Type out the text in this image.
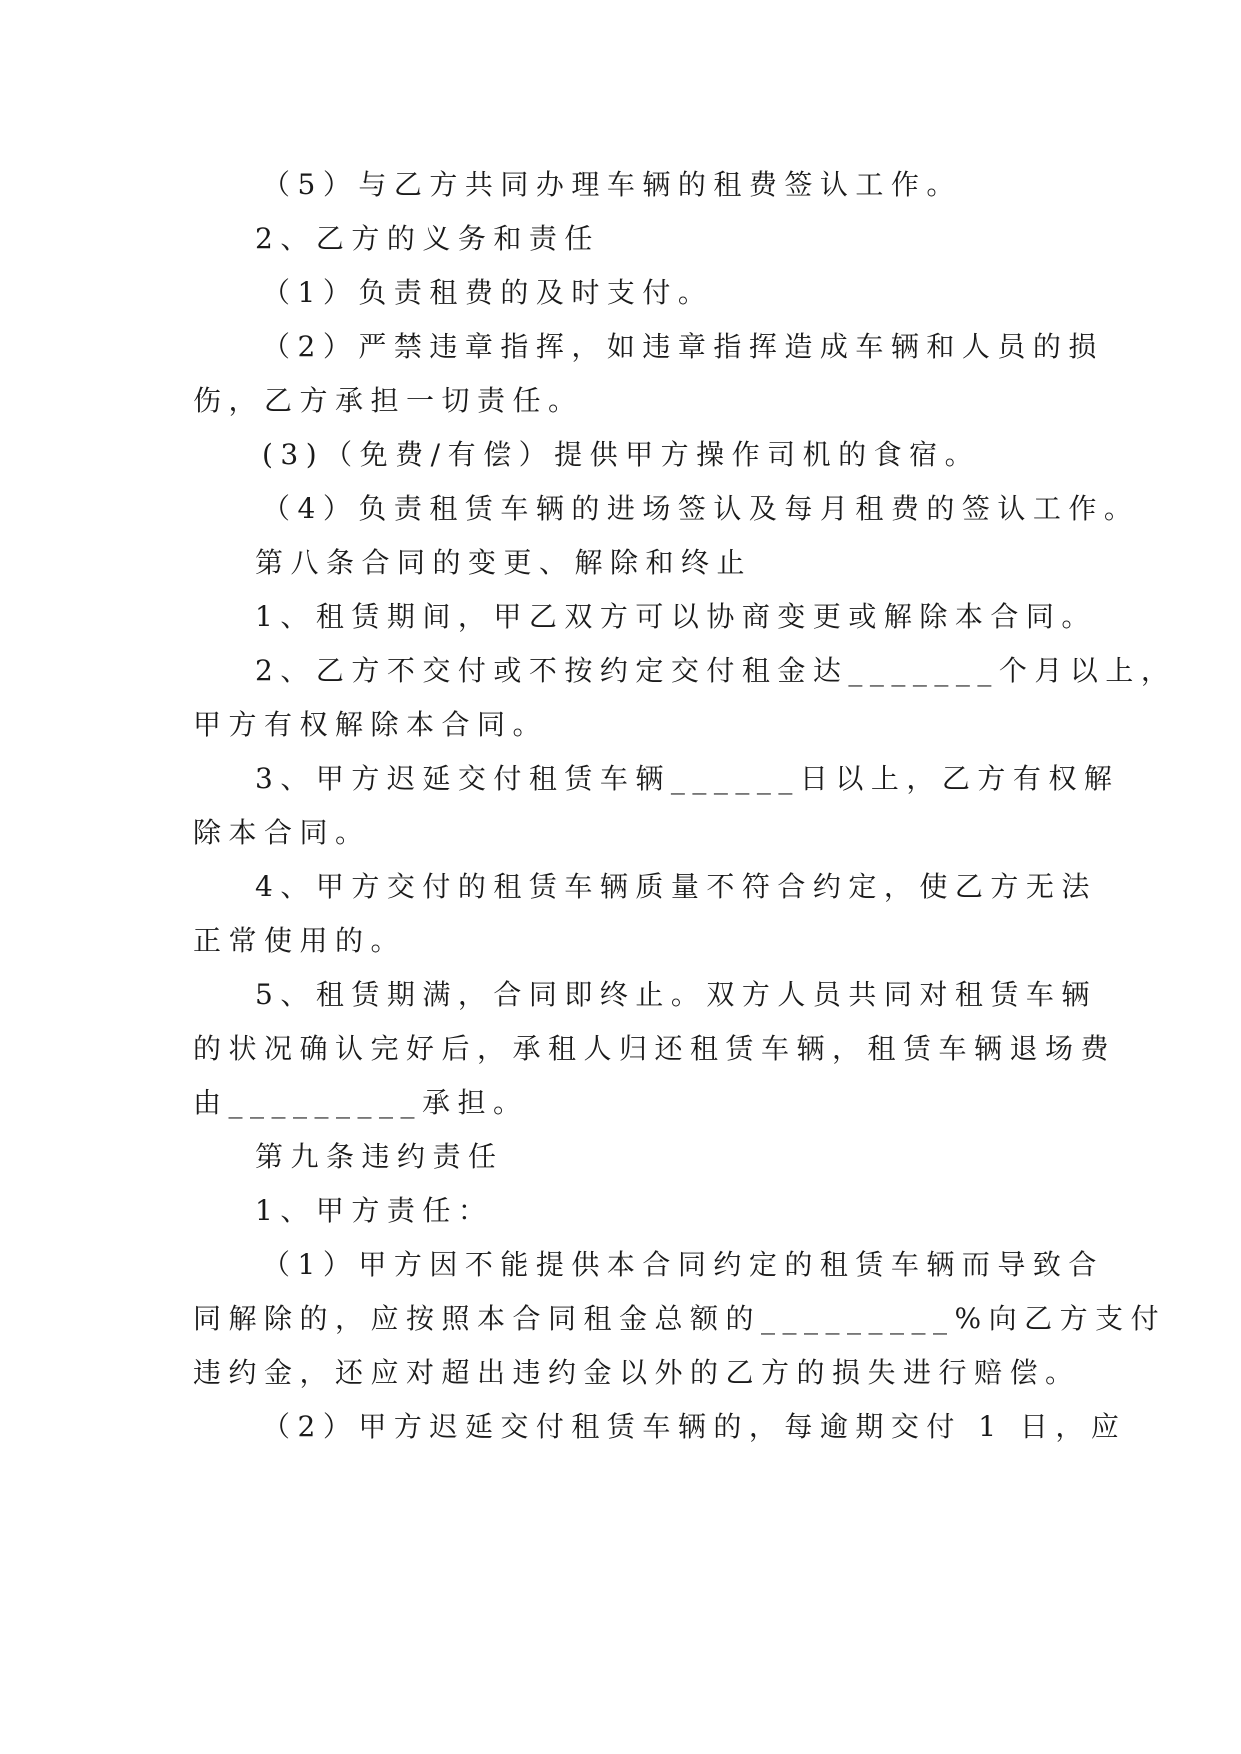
（5）与乙方共同办理车辆的租费签认工作。
2、乙方的义务和责任
（1）负责租费的及时支付。
（2）严禁违章指挥，如违章指挥造成车辆和人员的损
伤，乙方承担一切责任。
(3)（免费/有偿）提供甲方操作司机的食宿。
（4）负责租赁车辆的进场签认及每月租费的签认工作。
第八条合同的变更、解除和终止
1、租赁期间，甲乙双方可以协商变更或解除本合同。
2、乙方不交付或不按约定交付租金达_______个月以上，
甲方有权解除本合同。
3、甲方迟延交付租赁车辆______日以上，乙方有权解
除本合同。
4、甲方交付的租赁车辆质量不符合约定，使乙方无法
正常使用的。
5、租赁期满，合同即终止。双方人员共同对租赁车辆
的状况确认完好后，承租人归还租赁车辆，租赁车辆退场费
由_________承担。
第九条违约责任
1、甲方责任：
（1）甲方因不能提供本合同约定的租赁车辆而导致合
同解除的，应按照本合同租金总额的_________%向乙方支付
违约金，还应对超出违约金以外的乙方的损失进行赔偿。
（2）甲方迟延交付租赁车辆的，每逾期交付 1 日，应
